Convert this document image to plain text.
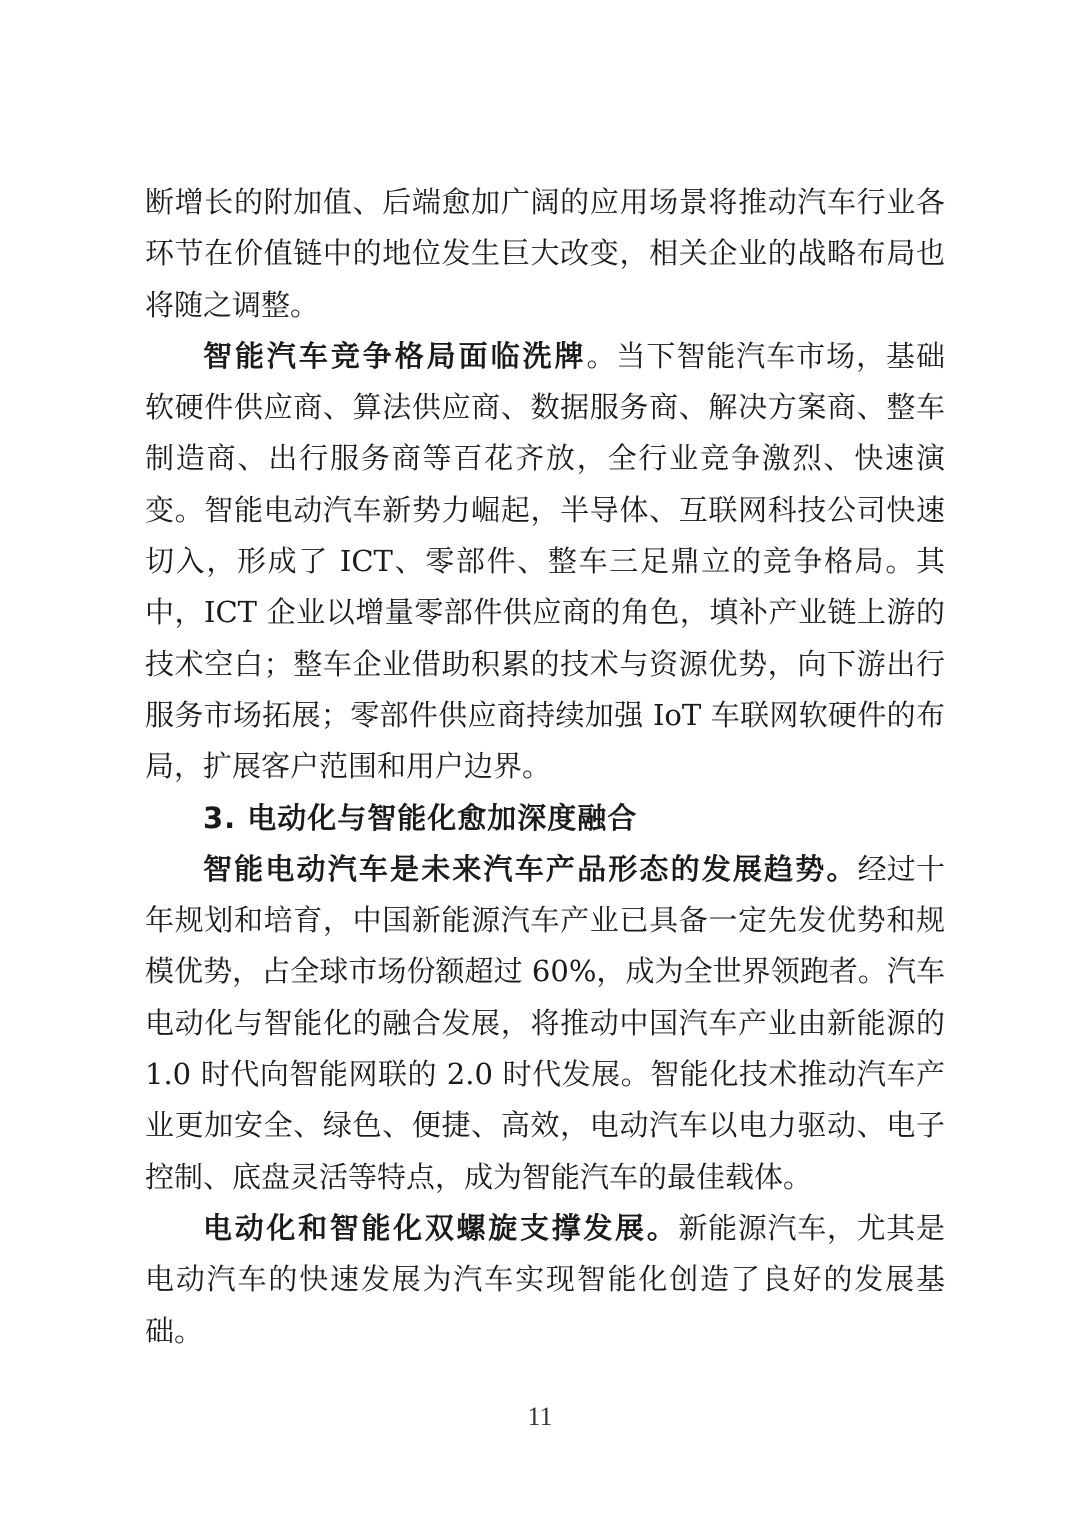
断增长的附加值、后端愈加广阔的应用场景将推动汽车行业各环节在价值链中的地位发生巨大改变，相关企业的战略布局也将随之调整。

智能汽车竞争格局面临洗牌。当下智能汽车市场，基础软硬件供应商、算法供应商、数据服务商、解决方案商、整车制造商、出行服务商等百花齐放，全行业竞争激烈、快速演变。智能电动汽车新势力崛起，半导体、互联网科技公司快速切入，形成了 ICT、零部件、整车三足鼎立的竞争格局。其中，ICT 企业以增量零部件供应商的角色，填补产业链上游的技术空白；整车企业借助积累的技术与资源优势，向下游出行服务市场拓展；零部件供应商持续加强 IoT 车联网软硬件的布局，扩展客户范围和用户边界。

3. 电动化与智能化愈加深度融合

智能电动汽车是未来汽车产品形态的发展趋势。经过十年规划和培育，中国新能源汽车产业已具备一定先发优势和规模优势，占全球市场份额超过 60%，成为全世界领跑者。汽车电动化与智能化的融合发展，将推动中国汽车产业由新能源的 1.0 时代向智能网联的 2.0 时代发展。智能化技术推动汽车产业更加安全、绿色、便捷、高效，电动汽车以电力驱动、电子控制、底盘灵活等特点，成为智能汽车的最佳载体。

电动化和智能化双螺旋支撑发展。新能源汽车，尤其是电动汽车的快速发展为汽车实现智能化创造了良好的发展基础。

11
